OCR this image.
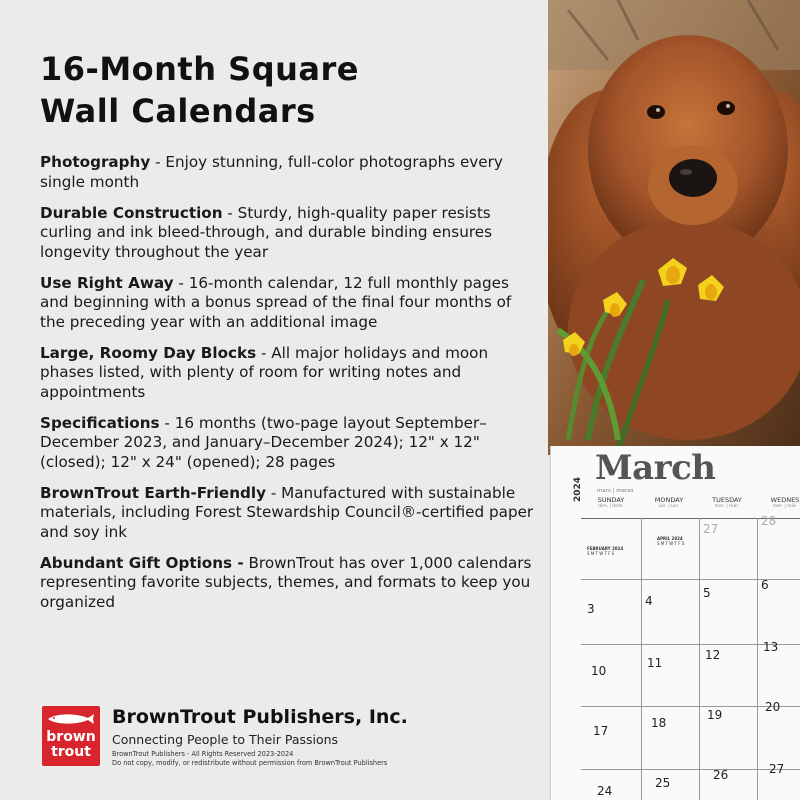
16-Month Square
Wall Calendars
Photography - Enjoy stunning, full-color photographs every single month
Durable Construction - Sturdy, high-quality paper resists curling and ink bleed-through, and durable binding ensures longevity throughout the year
Use Right Away - 16-month calendar, 12 full monthly pages and beginning with a bonus spread of the final four months of the preceding year with an additional image
Large, Roomy Day Blocks - All major holidays and moon phases listed, with plenty of room for writing notes and appointments
Specifications - 16 months (two-page layout September–December 2023, and January–December 2024); 12" x 12" (closed); 12" x 24" (opened); 28 pages
BrownTrout Earth-Friendly - Manufactured with sustainable materials, including Forest Stewardship Council®-certified paper and soy ink
Abundant Gift Options - BrownTrout has over 1,000 calendars representing favorite subjects, themes, and formats to keep you organized
brown
trout
BrownTrout Publishers, Inc.
Connecting People to Their Passions
BrownTrout Publishers - All Rights Reserved 2023-2024
Do not copy, modify, or redistribute without permission from BrownTrout Publishers
2024
March
mars | marzo
SUNDAY
dim. | dom.
MONDAY
lun. | lun.
TUESDAY
mar. | mar.
WEDNES
mer. | mié.
FEBRUARY 2024
S M T W T F S
APRIL 2024
S M T W T F S
27
28
3
4
5
6
10
11
12
13
17
18
19
20
24
25
26	27
